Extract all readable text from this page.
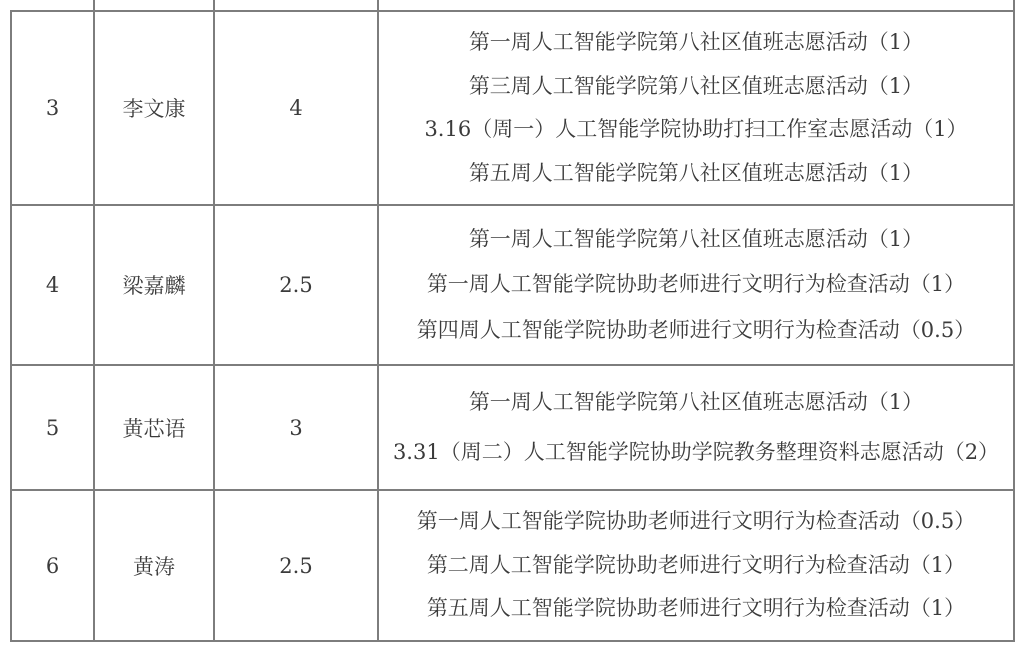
3	李文康	4	第一周人工智能学院第八社区值班志愿活动（1）
第三周人工智能学院第八社区值班志愿活动（1）
3.16（周一）人工智能学院协助打扫工作室志愿活动（1）
第五周人工智能学院第八社区值班志愿活动（1）

4	梁嘉麟	2.5	第一周人工智能学院第八社区值班志愿活动（1）
第一周人工智能学院协助老师进行文明行为检查活动（1）
第四周人工智能学院协助老师进行文明行为检查活动（0.5）

5	黄芯语	3	第一周人工智能学院第八社区值班志愿活动（1）
3.31（周二）人工智能学院协助学院教务整理资料志愿活动（2）

6	黄涛	2.5	第一周人工智能学院协助老师进行文明行为检查活动（0.5）
第二周人工智能学院协助老师进行文明行为检查活动（1）
第五周人工智能学院协助老师进行文明行为检查活动（1）
